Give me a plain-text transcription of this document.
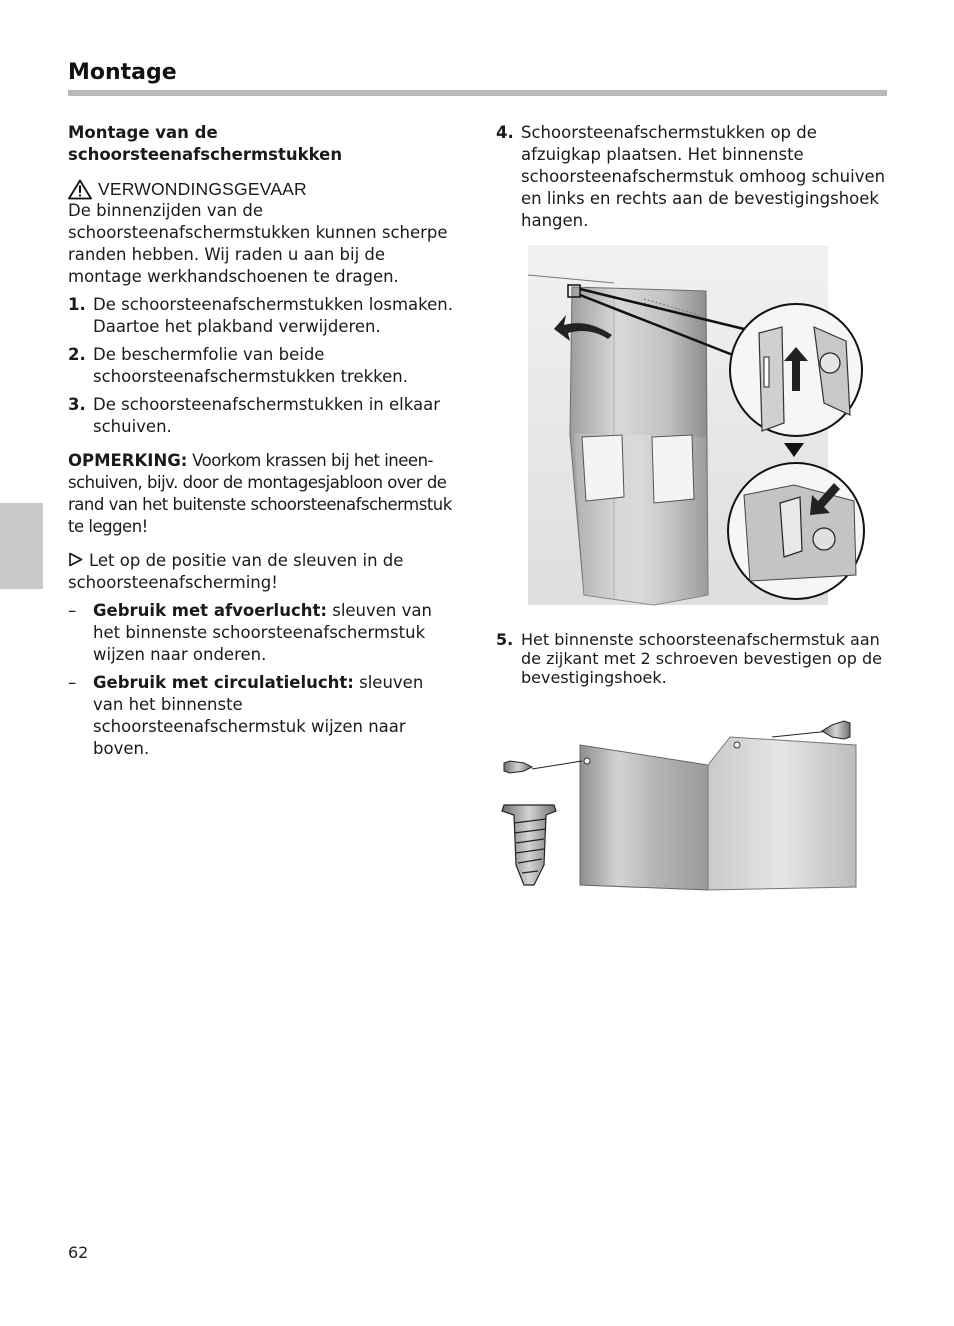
Montage
Montage van de schoorsteenafschermstukken
VERWONDINGSGEVAAR

De binnenzijden van de schoorsteenafschermstukken kunnen scherpe randen hebben. Wij raden u aan bij de montage werkhandschoenen te dragen.

1. De schoorsteenafschermstukken losmaken. Daartoe het plakband verwijderen.
2. De beschermfolie van beide schoorsteenafschermstukken trekken.
3. De schoorsteenafschermstukken in elkaar schuiven.

OPMERKING: Voorkom krassen bij het ineen-schuiven, bijv. door de montagesjabloon over de rand van het buitenste schoorsteenafschermstuk te leggen!

Let op de positie van de sleuven in de schoorsteenafscherming!

–	Gebruik met afvoerlucht: sleuven van het binnenste schoorsteenafschermstuk wijzen naar onderen.
–	Gebruik met circulatielucht: sleuven van het binnenste schoorsteenafschermstuk wijzen naar boven.
4. Schoorsteenafschermstukken op de afzuigkap plaatsen. Het binnenste schoorsteenafschermstuk omhoog schuiven en links en rechts aan de bevestigingshoek hangen.
5. Het binnenste schoorsteenafschermstuk aan de zijkant met 2 schroeven bevestigen op de bevestigingshoek.
62
